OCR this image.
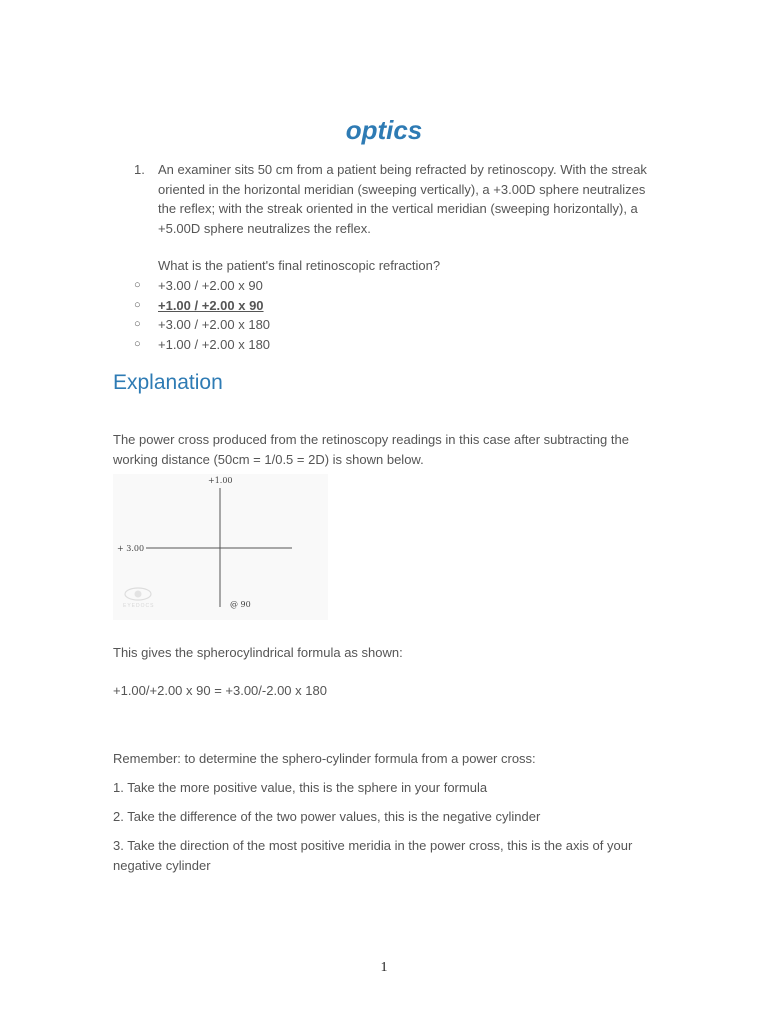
optics
1. An examiner sits 50 cm from a patient being refracted by retinoscopy. With the streak oriented in the horizontal meridian (sweeping vertically), a +3.00D sphere neutralizes the reflex; with the streak oriented in the vertical meridian (sweeping horizontally), a +5.00D sphere neutralizes the reflex.

What is the patient's final retinoscopic refraction?

○ +3.00 / +2.00 x 90
○ +1.00 / +2.00 x 90
○ +3.00 / +2.00 x 180
○ +1.00 / +2.00 x 180
Explanation

The power cross produced from the retinoscopy readings in this case after subtracting the working distance (50cm = 1/0.5 = 2D) is shown below.

+1.00
+ 3.00
@ 90
EYEDOCS

This gives the spherocylindrical formula as shown:

+1.00/+2.00 x 90 = +3.00/-2.00 x 180

Remember: to determine the sphero-cylinder formula from a power cross:

1. Take the more positive value, this is the sphere in your formula

2. Take the difference of the two power values, this is the negative cylinder

3. Take the direction of the most positive meridia in the power cross, this is the axis of your negative cylinder

1
